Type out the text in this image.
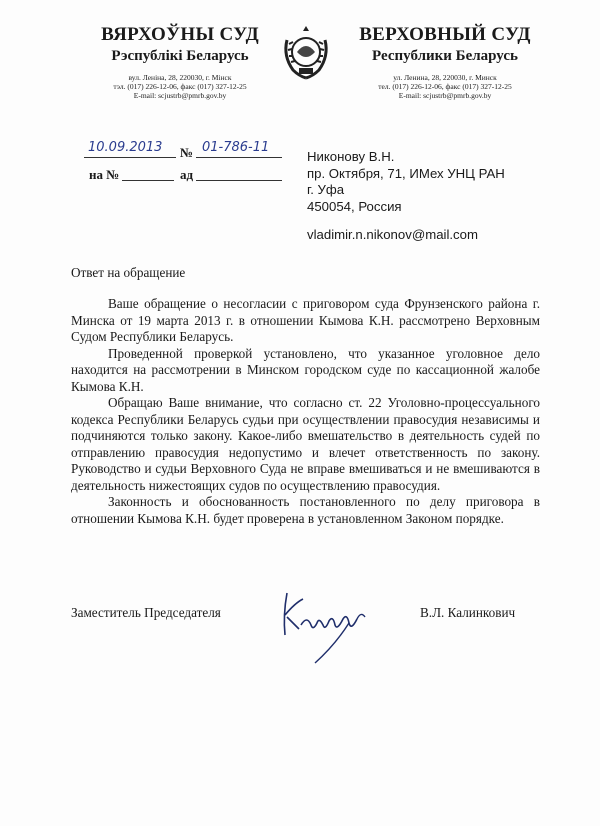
ВЯРХОЎНЫ СУД
Рэспублікі Беларусь
вул. Леніна, 28, 220030, г. Мінск
тэл. (017) 226-12-06, факс (017) 327-12-25
E-mail: scjustrb@pmrb.gov.by
ВЕРХОВНЫЙ СУД
Республики Беларусь
ул. Ленина, 28, 220030, г. Минск
тел. (017) 226-12-06, факс (017) 327-12-25
E-mail: scjustrb@pmrb.gov.by
10.09.2013 № 01-786-11
на №	ад
Никонову В.Н.
пр. Октября, 71, ИМех УНЦ РАН
г. Уфа
450054, Россия
vladimir.n.nikonov@mail.com
Ответ на обращение

Ваше обращение о несогласии с приговором суда Фрунзенского района г. Минска от 19 марта 2013 г. в отношении Кымова К.Н. рассмотрено Верховным Судом Республики Беларусь.

Проведенной проверкой установлено, что указанное уголовное дело находится на рассмотрении в Минском городском суде по кассационной жалобе Кымова К.Н.

Обращаю Ваше внимание, что согласно ст. 22 Уголовно-процессуального кодекса Республики Беларусь судьи при осуществлении правосудия независимы и подчиняются только закону. Какое-либо вмешательство в деятельность судей по отправлению правосудия недопустимо и влечет ответственность по закону. Руководство и судьи Верховного Суда не вправе вмешиваться и не вмешиваются в деятельность нижестоящих судов по осуществлению правосудия.

Законность и обоснованность постановленного по делу приговора в отношении Кымова К.Н. будет проверена в установленном Законом порядке.

Заместитель Председателя	В.Л. Калинкович
